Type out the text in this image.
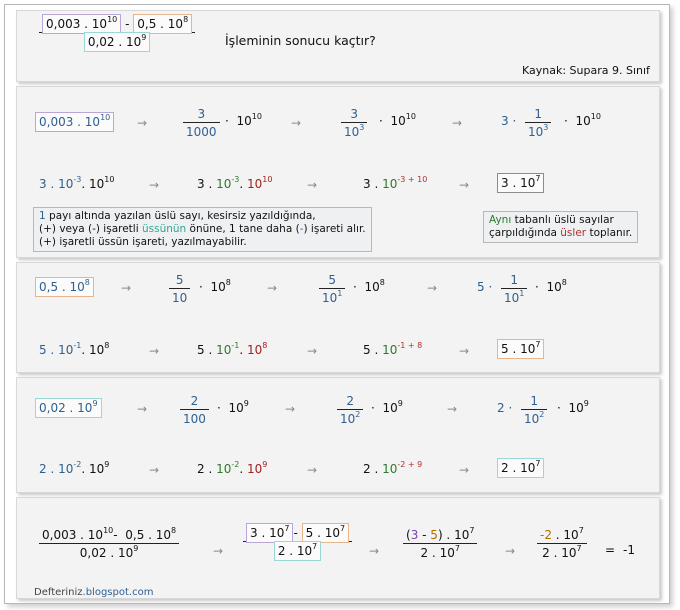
$\frac{0,003 . 10^{10} - 0,5 . 10^8}{0,02 . 10^9}$ İşleminin sonucu kaçtır?
Kaynak: Supara 9. Sınıf
0,003 . $10^{10}$	→	$\frac{3}{1000} \cdot 10^{10}$ →	$\frac{3}{10^3} \cdot 10^{10}$	→	$3 \cdot \frac{1}{10^3} \cdot 10^{10}$
3 . $10^{-3}$. $10^{10}$	→	3 . $10^{-3}$. $10^{10}$	→	3 . $10^{-3 + 10}$	→	3 . $10^7$
1 payı altında yazılan üslü sayı, kesirsiz yazıldığında,
(+) veya (-) işaretli üssünün önüne, 1 tane daha (-) işareti alır.
(+) işaretli üssün işareti, yazılmayabilir.
Aynı tabanlı üslü sayılar
çarpıldığında üsler toplanır.
0,5 . $10^8$	→	$\frac{5}{10} \cdot 10^8$	→	$\frac{5}{10^1} \cdot 10^8$	→	$5 \cdot \frac{1}{10^1} \cdot 10^8$
5 . $10^{-1}$. $10^8$	→	5 . $10^{-1}$. $10^8$	→	5 . $10^{-1 + 8}$	→	5 . $10^7$
0,02 . $10^9$	→	$\frac{2}{100} \cdot 10^9$	→	$\frac{2}{10^2} \cdot 10^9$	→	$2 \cdot \frac{1}{10^2} \cdot 10^9$
2 . $10^{-2}$. $10^9$	→	2 . $10^{-2}$. $10^9$	→	2 . $10^{-2 + 9}$	→	2 . $10^7$
$\frac{0,003 . 10^{10}- 0,5 . 10^8}{0,02 . 10^9}$	→ $\frac{3 . 10^7 - 5 . 10^7}{2 . 10^7} \to \frac{(3 - 5) . 10^7}{2 . 10^7} \to \frac{-2 . 10^7}{2 . 10^7} = -1$
Defteriniz.blogspot.com
